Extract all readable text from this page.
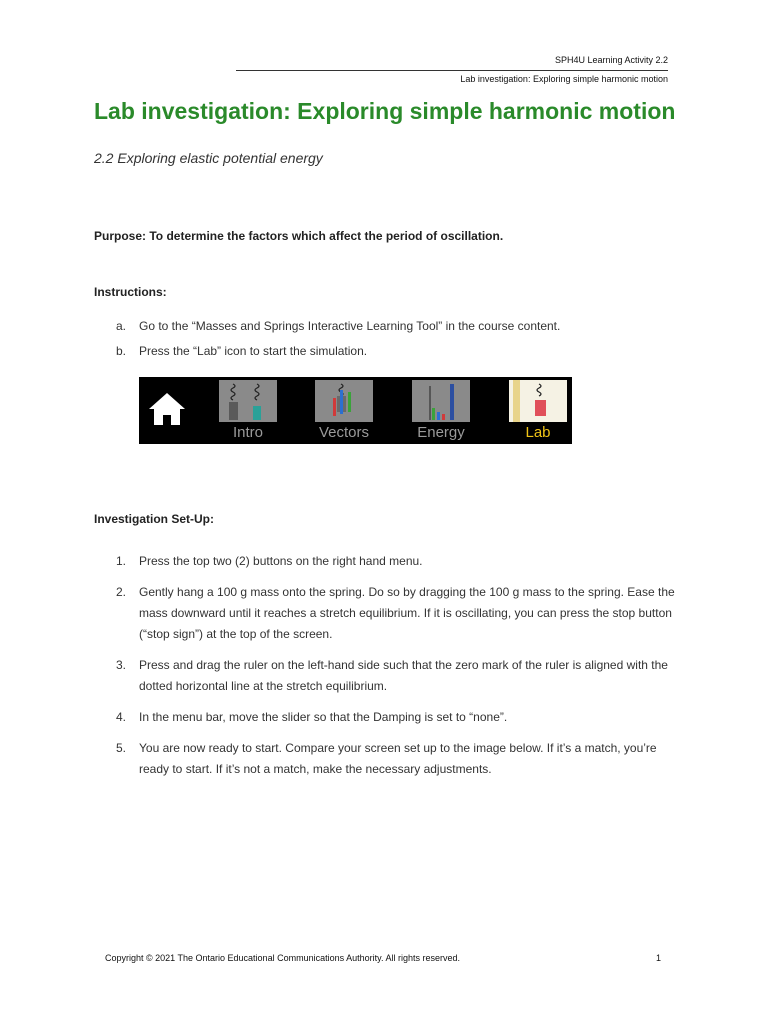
SPH4U Learning Activity 2.2
Lab investigation: Exploring simple harmonic motion
Lab investigation: Exploring simple harmonic motion
2.2 Exploring elastic potential energy
Purpose: To determine the factors which affect the period of oscillation.
Instructions:
a.	Go to the “Masses and Springs Interactive Learning Tool” in the course content.
b.	Press the “Lab” icon to start the simulation.
Intro	Vectors	Energy	Lab
Investigation Set-Up:
1.	Press the top two (2) buttons on the right hand menu.
2.	Gently hang a 100 g mass onto the spring. Do so by dragging the 100 g mass to the spring. Ease the mass downward until it reaches a stretch equilibrium. If it is oscillating, you can press the stop button (“stop sign”) at the top of the screen.
3.	Press and drag the ruler on the left-hand side such that the zero mark of the ruler is aligned with the dotted horizontal line at the stretch equilibrium.
4.	In the menu bar, move the slider so that the Damping is set to “none”.
5.	You are now ready to start. Compare your screen set up to the image below. If it’s a match, you’re ready to start. If it’s not a match, make the necessary adjustments.
Copyright © 2021 The Ontario Educational Communications Authority. All rights reserved.	1
